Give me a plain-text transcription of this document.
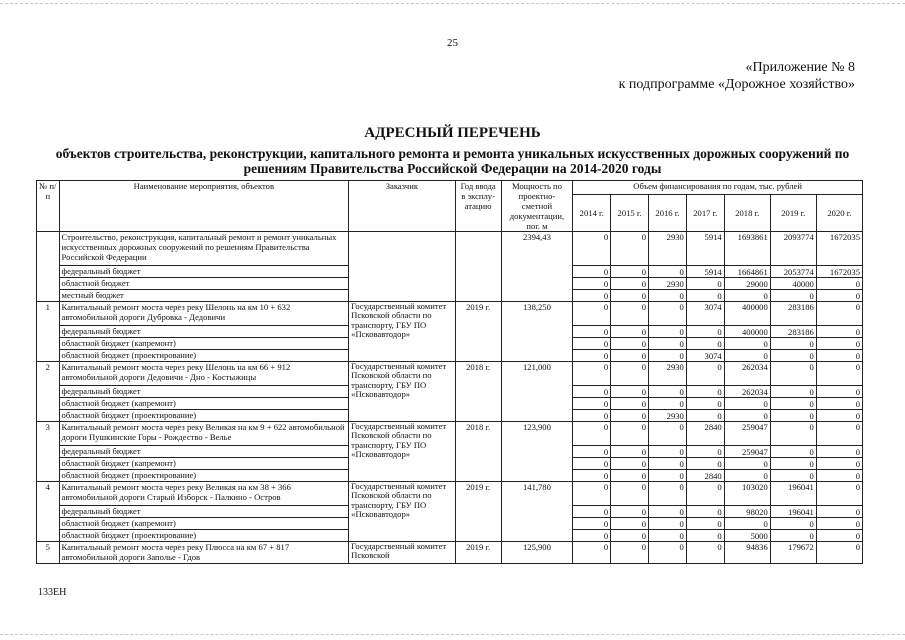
25
«Приложение № 8
к подпрограмме «Дорожное хозяйство»
АДРЕСНЫЙ ПЕРЕЧЕНЬ
объектов строительства, реконструкции, капитального ремонта и ремонта уникальных искусственных дорожных сооружений по решениям Правительства Российской Федерации на 2014-2020 годы
№ п/п	Наименование мероприятия, объектов	Заказчик	Год ввода в эксплу-атацию	Мощность по проектно-сметной документации, пог. м	Объем финансирования по годам, тыс. рублей						
					2014 г.	2015 г.	2016 г.	2017 г.	2018 г.	2019 г.	2020 г.
	Строительство, реконструкция, капитальный ремонт и ремонт уникальных искусственных дорожных сооружений по решениям Правительства Российской Федерации			2394,43	0	0	2930	5914	1693861	2093774	1672035
	федеральный бюджет				0	0	0	5914	1664861	2053774	1672035
	областной бюджет				0	0	2930	0	29000	40000	0
	местный бюджет				0	0	0	0	0	0	0
1	Капитальный ремонт моста через реку Шелонь на км 10 + 632 автомобильной дороги Дубровка - Дедовичи	Государственный комитет Псковской области по транспорту, ГБУ ПО «Псковавтодор»	2019 г.	138,250	0	0	0	3074	400000	283186	0
	федеральный бюджет				0	0	0	0	400000	283186	0
	областной бюджет (капремонт)				0	0	0	0	0	0	0
	областной бюджет (проектирование)				0	0	0	3074	0	0	0
2	Капитальный ремонт моста через реку Шелонь на км 66 + 912 автомобильной дороги Дедовичи - Дно - Костыжицы	Государственный комитет Псковской области по транспорту, ГБУ ПО «Псковавтодор»	2018 г.	121,000	0	0	2930	0	262034	0	0
	федеральный бюджет				0	0	0	0	262034	0	0
	областной бюджет (капремонт)				0	0	0	0	0	0	0
	областной бюджет (проектирование)				0	0	2930	0	0	0	0
3	Капитальный ремонт моста через реку Великая на км 9 + 622 автомобильной дороги Пушкинские Горы - Рождество - Велье	Государственный комитет Псковской области по транспорту, ГБУ ПО «Псковавтодор»	2018 г.	123,900	0	0	0	2840	259047	0	0
	федеральный бюджет				0	0	0	0	259047	0	0
	областной бюджет (капремонт)				0	0	0	0	0	0	0
	областной бюджет (проектирование)				0	0	0	2840	0	0	0
4	Капитальный ремонт моста через реку Великая на км 38 + 366 автомобильной дороги Старый Изборск - Палкино - Остров	Государственный комитет Псковской области по транспорту, ГБУ ПО «Псковавтодор»	2019 г.	141,780	0	0	0	0	103020	196041	0
	федеральный бюджет				0	0	0	0	98020	196041	0
	областной бюджет (капремонт)				0	0	0	0	0	0	0
	областной бюджет (проектирование)				0	0	0	0	5000	0	0
5	Капитальный ремонт моста через реку Плюсса на км 67 + 817 автомобильной дороги Заполье - Гдов	Государственный комитет Псковской	2019 г.	125,900	0	0	0	0	94836	179672	0
133ЕН
